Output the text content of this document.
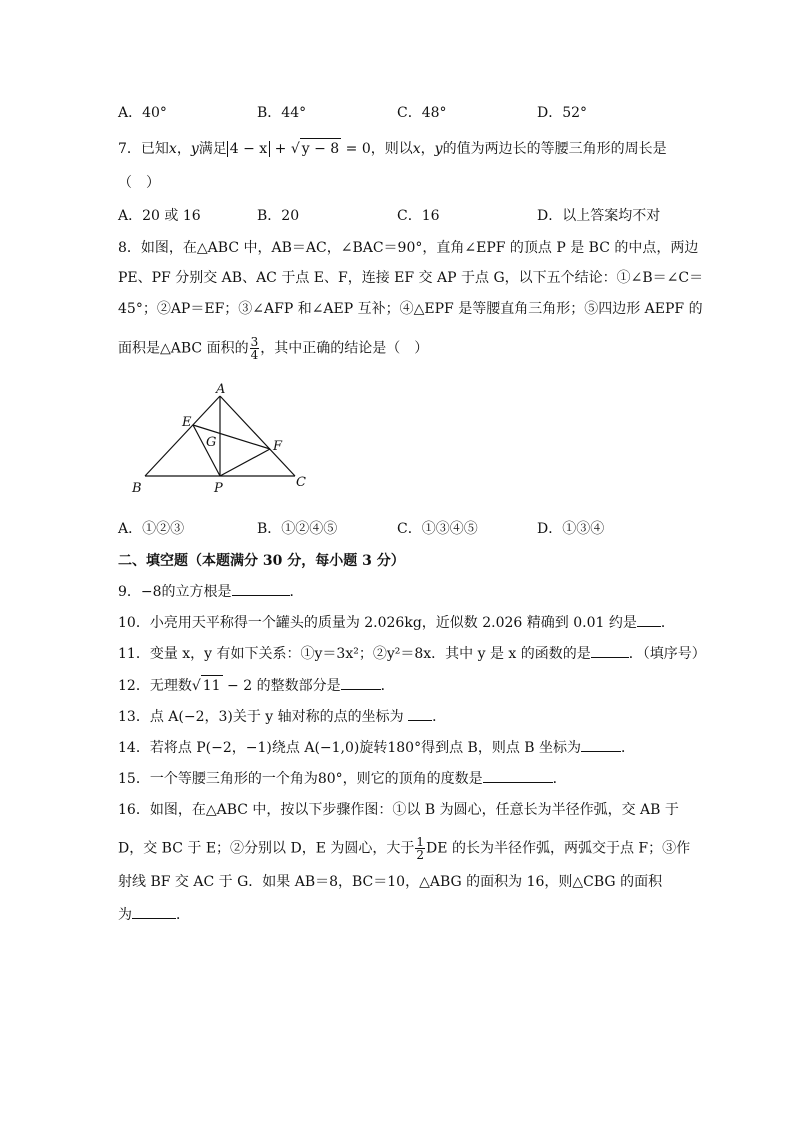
A．40°	B．44°	C．48°	D．52°
7．已知x，y满足 4 − x + √ y − 8 = 0，则以x，y的值为两边长的等腰三角形的周长是
（　）
A．20 或 16	B．20	C．16	D．以上答案均不对
8．如图，在△ABC 中，AB＝AC，∠BAC＝90°，直角∠EPF 的顶点 P 是 BC 的中点，两边
PE、PF 分别交 AB、AC 于点 E、F，连接 EF 交 AP 于点 G，以下五个结论：①∠B＝∠C＝
45°；②AP＝EF；③∠AFP 和∠AEP 互补；④△EPF 是等腰直角三角形；⑤四边形 AEPF 的
面积是△ABC 面积的 $\frac{3}{4}$ ，其中正确的结论是（　）
A
B	C
E
F
G
P
A．①②③	B．①②④⑤	C．①③④⑤	D．①③④
二、填空题（本题满分 30 分，每小题 3 分）
9．−8的立方根是	．
10．小亮用天平称得一个罐头的质量为 2.026kg，近似数 2.026 精确到 0.01 约是 ．
11．变量 x，y 有如下关系：①y＝3x²；②y²＝8x．其中 y 是 x 的函数的是	．（填序号）
12．无理数√ 11 − 2 的整数部分是	．
13．点 A(−2，3)关于 y 轴对称的点的坐标为 ．
14．若将点 P(−2，−1)绕点 A(−1,0)旋转180°得到点 B，则点 B 坐标为	．
15．一个等腰三角形的一个角为80°，则它的顶角的度数是	．
16．如图，在△ABC 中，按以下步骤作图：①以 B 为圆心，任意长为半径作弧，交 AB 于
D，交 BC 于 E；②分别以 D，E 为圆心，大于 $\frac{1}{2}$ DE 的长为半径作弧，两弧交于点 F；③作
射线 BF 交 AC 于 G．如果 AB＝8，BC＝10，△ABG 的面积为 16，则△CBG 的面积
为	．
